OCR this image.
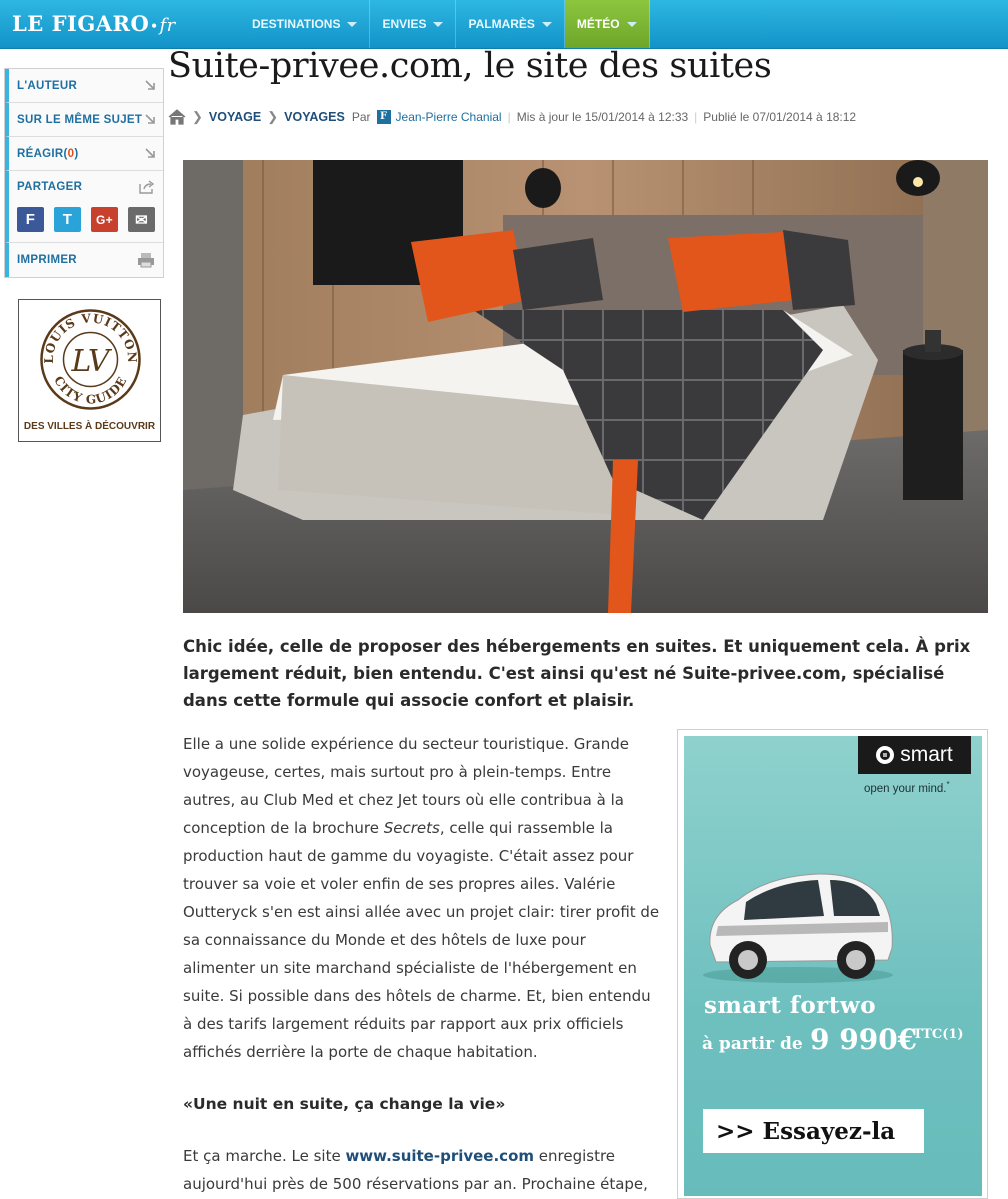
LE FIGARO•fr	DESTINATIONS	ENVIES	PALMARÈS	MÉTÉO
L'AUTEUR
SUR LE MÊME SUJET
RÉAGIR ( 0 )
PARTAGER
F	T	G+	✉
IMPRIMER
LOUIS VUITTON
CITY GUIDE
LV
DES VILLES À DÉCOUVRIR
Suite-privee.com, le site des suites
❯ VOYAGE ❯ VOYAGES Par F Jean-Pierre Chanial | Mis à jour le 15/01/2014 à 12:33 | Publié le 07/01/2014 à 18:12

Chic idée, celle de proposer des hébergements en suites. Et uniquement cela. À prix largement réduit, bien entendu. C'est ainsi qu'est né Suite-privee.com, spécialisé dans cette formule qui associe confort et plaisir.

Elle a une solide expérience du secteur touristique. Grande voyageuse, certes, mais surtout pro à plein-temps. Entre autres, au Club Med et chez Jet tours où elle contribua à la conception de la brochure Secrets, celle qui rassemble la production haut de gamme du voyagiste. C'était assez pour trouver sa voie et voler enfin de ses propres ailes. Valérie Outteryck s'en est ainsi allée avec un projet clair: tirer profit de sa connaissance du Monde et des hôtels de luxe pour alimenter un site marchand spécialiste de l'hébergement en suite. Si possible dans des hôtels de charme. Et, bien entendu à des tarifs largement réduits par rapport aux prix officiels affichés derrière la porte de chaque habitation.

«Une nuit en suite, ça change la vie»
Et ça marche. Le site www.suite-privee.com enregistre aujourd'hui près de 500 réservations par an. Prochaine étape,
smart
open your mind.*
smart fortwo
à partir de 9 990€
TTC(1)
>> Essayez-la
